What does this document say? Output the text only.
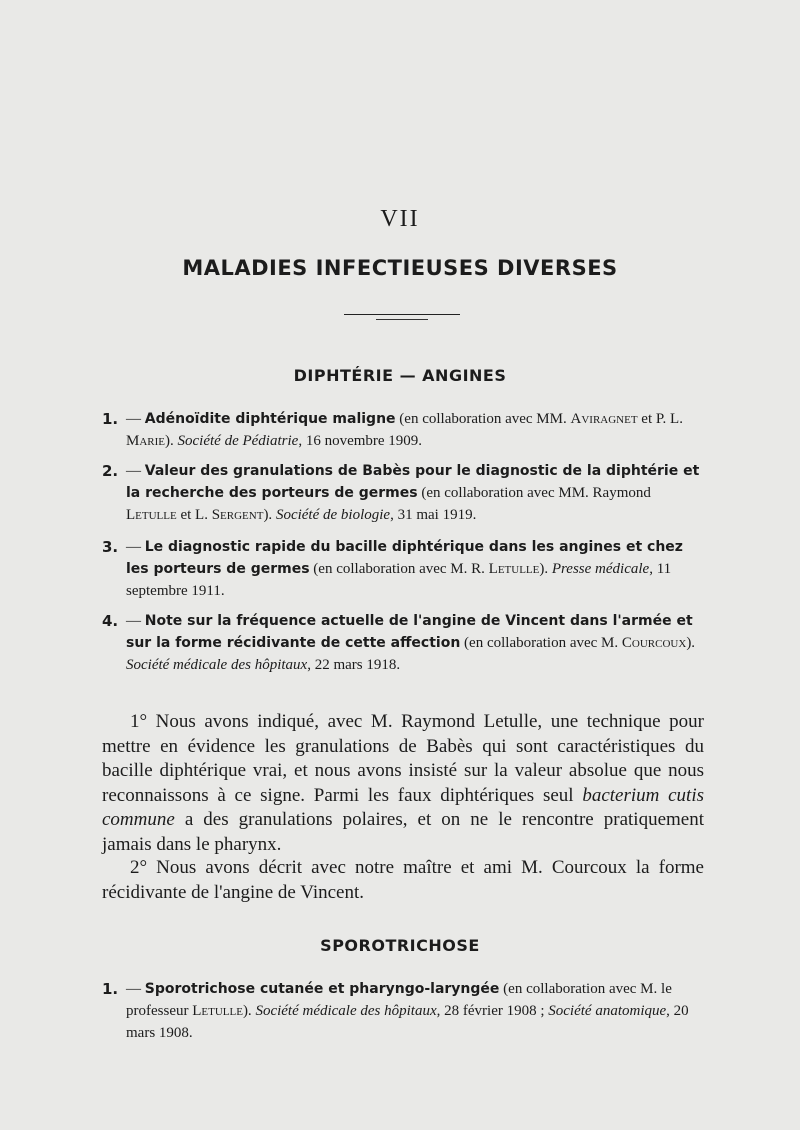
VII
MALADIES INFECTIEUSES DIVERSES
DIPHTÉRIE — ANGINES
1. — Adénoïdite diphtérique maligne (en collaboration avec MM. Aviragnet et P. L. Marie). Société de Pédiatrie, 16 novembre 1909.
2. — Valeur des granulations de Babès pour le diagnostic de la diphtérie et la recherche des porteurs de germes (en collaboration avec MM. Raymond Letulle et L. Sergent). Société de biologie, 31 mai 1919.
3. — Le diagnostic rapide du bacille diphtérique dans les angines et chez les porteurs de germes (en collaboration avec M. R. Letulle). Presse médicale, 11 septembre 1911.
4. — Note sur la fréquence actuelle de l'angine de Vincent dans l'armée et sur la forme récidivante de cette affection (en collaboration avec M. Courcoux). Société médicale des hôpitaux, 22 mars 1918.
1° Nous avons indiqué, avec M. Raymond Letulle, une technique pour mettre en évidence les granulations de Babès qui sont caractéristiques du bacille diphtérique vrai, et nous avons insisté sur la valeur absolue que nous reconnaissons à ce signe. Parmi les faux diphtériques seul bacterium cutis commune a des granulations polaires, et on ne le rencontre pratiquement jamais dans le pharynx.
2° Nous avons décrit avec notre maître et ami M. Courcoux la forme récidivante de l'angine de Vincent.
SPOROTRICHOSE
1. — Sporotrichose cutanée et pharyngo-laryngée (en collaboration avec M. le professeur Letulle). Société médicale des hôpitaux, 28 février 1908 ; Société anatomique, 20 mars 1908.
